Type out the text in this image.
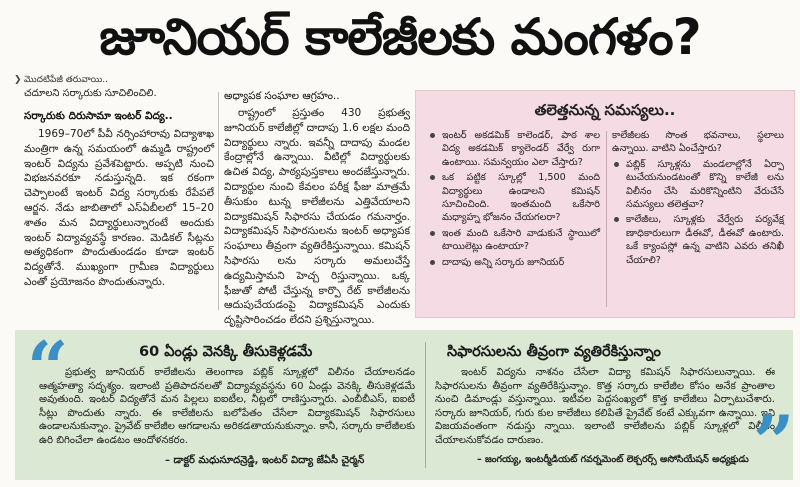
జూనియర్ కాలేజీలకు మంగళం?
❯ మొదటిపేజీ తరువాయి..
చదూలని సర్కారుకు సూచిలించిలి.
సర్కారుకు దిరుసామా ఇంటర్ విద్య..

1969–70లో పీవీ నర్సింహారావు విద్యాశాఖ మంత్రిగా ఉన్న సమయంలో ఉమ్మడి రాష్ట్రంలో ఇంటర్ విద్యను ప్రవేశపెట్టారు. అప్పటి నుంచి విభజనవరకూ నడుస్తున్నది. ఇక రకంగా చెప్పాలంటే ఇంటర్ విద్య సర్కారుకు రేపేపలే ఆర్జన. నేడు జాబితాలో ఎస్ఏబీలలో 15–20 శాతం మన విద్యార్థులున్నారంటే అందుకు ఇంటర్ విద్యావ్యవస్థే కారణం. మెడికల్ సీట్లను అత్యధికంగా పొందుతుండడం కూడా ఇంటర్ విద్యతోనే. ముఖ్యంగా గ్రామీణ విద్యార్థులు ఎంతో ప్రయోజనం పొందుతున్నారు.

అధ్యాపక సంఘాల ఆగ్రహం..

రాష్ట్రంలో ప్రస్తుతం 430 ప్రభుత్వ జూనియర్ కాలేజీల్లో దాదాపు 1.6 లక్షల మంది విద్యార్థులు న్నారు. ఇవన్నీ దాదాపు మండల కేంద్రాల్లోనే ఉన్నాయి. వీటిల్లో విద్యార్థులకు ఉచిత విద్య, పాఠ్యపుస్తకాలు అందజేస్తున్నారు. విద్యార్థుల నుంచి కేవలం పరీక్ష ఫీజు మాత్రమే తీసుకుం టున్న కాలేజీలను ఎత్తివేయాలని విద్యాకమిషన్ సిఫారసు చేయడం గమనార్హం. విద్యాకమిషన్ సిఫారసులను ఇంటర్ అధ్యాపక సంఘాలు తీవ్రంగా వ్యతిరేకిస్తున్నాయి. కమిషన్ సిఫారసు లను సర్కారు అమలుచేస్తే ఉద్యమిస్తామని హెచ్చ రిస్తున్నాయి. ఒక్క ఫీజుతో పోటీ చేస్తున్న కార్పొ రేట్ కాలేజీలను ఆదుపుచేయడంపై విద్యాకమిషన్ ఎందుకు దృష్టిసారించడం లేదని ప్రశ్నిస్తున్నాయి.

తలెత్తనున్న సమస్యలు..
ఇంటర్ అకడమిక్ కాలెండర్, పాఠ శాల విద్య అకడమిక్ క్యాలెండర్ వేర్వే రుగా ఉంటాయి. సమన్వయం ఎలా చేస్తారు?
ఒక పట్టిక స్కూల్లో 1,500 మంది విద్యార్థులు ఉండాలని కమిషన్ సూచించింది. ఇంతమంది ఒకేసారి మధ్యాహ్న భోజనం చేయగలరా?
ఇంత మంది ఒకేసారి వాడుకునే స్థాయిలో టాయిలెట్లు ఉంటాయా?
దాదాపు అన్ని సర్కారు జూనియర్
కాలేజీలకు సొంత భవనాలు, స్థలాలు ఉన్నాయి. వాటిని ఏంచేస్తారు?
పబ్లిక్ స్కూళ్లను మండలాల్లోనే ఏర్పా టుచేయనుండటంతో కొన్ని కాలేజీ లను విలీనం చేసి మరికొన్నింటిని వేరుచేసే సమస్యలు తలెత్తవా?
కాలేజీలు, స్కూళ్లకు వేర్వేరు పర్యవేక్ష ణాధికారులుగా డీఈవో, డీఈవో ఉంటారు. ఒకే క్యాంపస్లో ఉన్న వాటిని ఎవరు తనిఖీ చేయాలి?
“	60 ఏండ్లు వెనక్కి తీసుకెళ్లడమే

ప్రభుత్వ జూనియర్ కాలేజీలను తెలంగాణ పబ్లిక్ స్కూళ్లలో విలీనం చేయాలనడం ఆత్మహత్యా సదృశ్యం. ఇలాంటి ప్రతిపాదనలతో విద్యావ్యవస్థను 60 ఏండ్లు వెనక్కి తీసుకెళ్లడమే అవుతుంది. ఇంటర్ విద్యతోనే మన పిల్లలు ఐఐటీల, నీట్లలో రాణిస్తున్నారు. ఎంబీబీఎస్, ఐఐటీ సీట్లు పొందుతు న్నారు. ఈ కాలేజీలను బలోపేతం చేసేలా విద్యాకమిషన్ సిఫారసులు ఉండాలనుకున్నాం. ప్రైవేట్ కాలేజీల ఆగడాలను అరికడతాయనుకున్నాం. కానీ, సర్కారు కాలేజీలకు ఉరి బిగించేలా ఉండటం ఆందోళనకరం.

– డాక్టర్ మధుసూదన్రెడ్డి, ఇంటర్ విద్యా జేఏసీ చైర్మన్
సిఫారసులను తీవ్రంగా వ్యతిరేకిస్తున్నాం

ఇంటర్ విద్యను నాశనం చేసేలా విద్యా కమిషన్ సిఫారసులున్నాయి. ఈ సిఫారసులను తీవ్రంగా వ్యతిరేకిస్తున్నాం. కొత్త సర్కారు కాలేజీల కోసం అనేక ప్రాంతాల నుంచి డిమాండ్లు వస్తున్నాయి. ఇటీవల పెద్దసంఖ్యలో కొత్త కాలేజీలు ఏర్పాటుచేశారు. సర్కారు జూనియర్, గురు కుల కాలేజీలు కలిపితే ప్రైవేట్ కంటే ఎక్కువగా ఉన్నాయి. ఇవి విజయవంతంగా నడుస్తు న్నాయి. ఇలాంటి కాలేజీలను పబ్లిక్ స్కూళ్లలో విలీనం చేయాలనుకోవడం దారుణం.

– జంగయ్య, ఇంటర్మీడియట్ గవర్నమెంట్ లెక్చరర్స్ అసోసియేషన్ అధ్యక్షుడు ”
